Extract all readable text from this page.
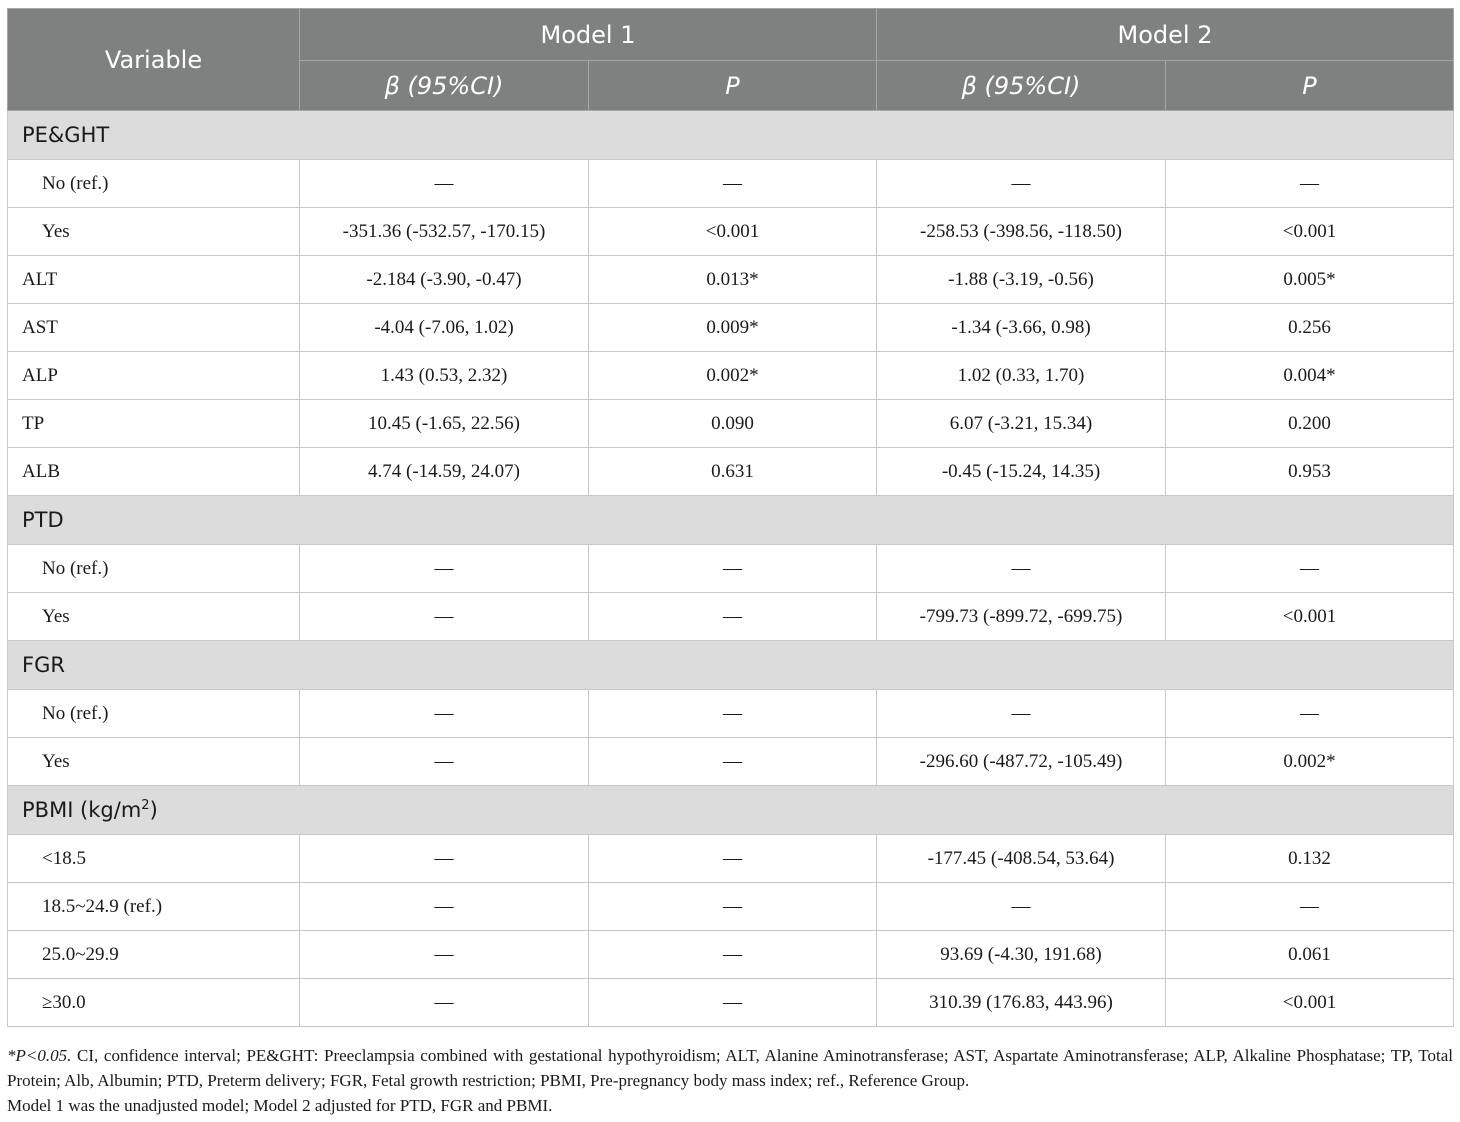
Variable	Model 1		Model 2	
	β (95%CI)	P	β (95%CI)	P
PE&GHT				
No (ref.)	—	—	—	—
Yes	-351.36 (-532.57, -170.15)	<0.001	-258.53 (-398.56, -118.50)	<0.001
ALT	-2.184 (-3.90, -0.47)	0.013*	-1.88 (-3.19, -0.56)	0.005*
AST	-4.04 (-7.06, 1.02)	0.009*	-1.34 (-3.66, 0.98)	0.256
ALP	1.43 (0.53, 2.32)	0.002*	1.02 (0.33, 1.70)	0.004*
TP	10.45 (-1.65, 22.56)	0.090	6.07 (-3.21, 15.34)	0.200
ALB	4.74 (-14.59, 24.07)	0.631	-0.45 (-15.24, 14.35)	0.953
PTD				
No (ref.)	—	—	—	—
Yes	—	—	-799.73 (-899.72, -699.75)	<0.001
FGR				
No (ref.)	—	—	—	—
Yes	—	—	-296.60 (-487.72, -105.49)	0.002*
PBMI $(kg/m^2)$				
<18.5	—	—	-177.45 (-408.54, 53.64)	0.132
18.5~24.9 (ref.)	—	—	—	—
25.0~29.9	—	—	93.69 (-4.30, 191.68)	0.061
≥30.0	—	—	310.39 (176.83, 443.96)	<0.001

*P<0.05. CI, confidence interval; PE&GHT: Preeclampsia combined with gestational hypothyroidism; ALT, Alanine Aminotransferase; AST, Aspartate Aminotransferase; ALP, Alkaline Phosphatase; TP, Total Protein; Alb, Albumin; PTD, Preterm delivery; FGR, Fetal growth restriction; PBMI, Pre-pregnancy body mass index; ref., Reference Group.

Model 1 was the unadjusted model; Model 2 adjusted for PTD, FGR and PBMI.
